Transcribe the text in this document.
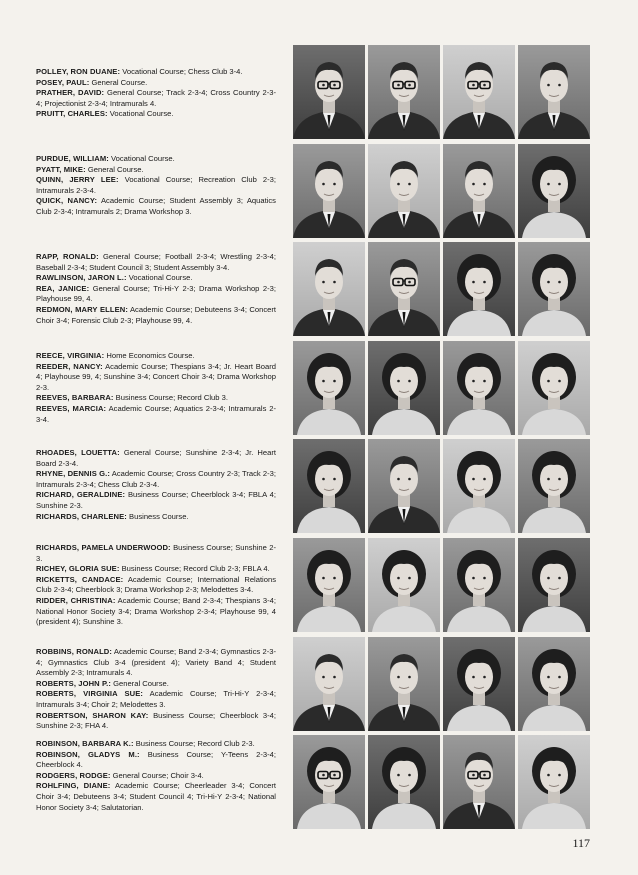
POLLEY, RON DUANE: Vocational Course; Chess Club 3-4.

POSEY, PAUL: General Course.

PRATHER, DAVID: General Course; Track 2-3-4; Cross Country 2-3-4; Projectionist 2-3-4; Intramurals 4.

PRUITT, CHARLES: Vocational Course.

PURDUE, WILLIAM: Vocational Course.

PYATT, MIKE: General Course.

QUINN, JERRY LEE: Vocational Course; Recreation Club 2-3; Intramurals 2-3-4.

QUICK, NANCY: Academic Course; Student Assembly 3; Aquatics Club 2-3-4; Intramurals 2; Drama Workshop 3.

RAPP, RONALD: General Course; Football 2-3-4; Wrestling 2-3-4; Baseball 2-3-4; Student Council 3; Student Assembly 3-4.

RAWLINSON, JARON L.: Vocational Course.

REA, JANICE: General Course; Tri-Hi-Y 2-3; Drama Workshop 2-3; Playhouse 99, 4.

REDMON, MARY ELLEN: Academic Course; Debuteens 3-4; Concert Choir 3-4; Forensic Club 2-3; Playhouse 99, 4.

REECE, VIRGINIA: Home Economics Course.

REEDER, NANCY: Academic Course; Thespians 3-4; Jr. Heart Board 4; Playhouse 99, 4; Sunshine 3-4; Concert Choir 3-4; Drama Workshop 2-3.

REEVES, BARBARA: Business Course; Record Club 3.

REEVES, MARCIA: Academic Course; Aquatics 2-3-4; Intramurals 2-3-4.

RHOADES, LOUETTA: General Course; Sunshine 2-3-4; Jr. Heart Board 2-3-4.

RHYNE, DENNIS G.: Academic Course; Cross Country 2-3; Track 2-3; Intramurals 2-3-4; Chess Club 2-3-4.

RICHARD, GERALDINE: Business Course; Cheerblock 3-4; FBLA 4; Sunshine 2-3.

RICHARDS, CHARLENE: Business Course.

RICHARDS, PAMELA UNDERWOOD: Business Course; Sunshine 2-3.

RICHEY, GLORIA SUE: Business Course; Record Club 2-3; FBLA 4.

RICKETTS, CANDACE: Academic Course; International Relations Club 2-3-4; Cheerblock 3; Drama Workshop 2-3; Melodettes 3-4.

RIDDER, CHRISTINA: Academic Course; Band 2-3-4; Thespians 3-4; National Honor Society 3-4; Drama Workshop 2-3-4; Playhouse 99, 4 (president 4); Sunshine 3.

ROBBINS, RONALD: Academic Course; Band 2-3-4; Gymnastics 2-3-4; Gymnastics Club 3-4 (president 4); Variety Band 4; Student Assembly 2-3; Intramurals 4.

ROBERTS, JOHN P.: General Course.

ROBERTS, VIRGINIA SUE: Academic Course; Tri-Hi-Y 2-3-4; Intramurals 3-4; Choir 2; Melodettes 3.

ROBERTSON, SHARON KAY: Business Course; Cheerblock 3-4; Sunshine 2-3; FHA 4.

ROBINSON, BARBARA K.: Business Course; Record Club 2-3.

ROBINSON, GLADYS M.: Business Course; Y-Teens 2-3-4; Cheerblock 4.

RODGERS, RODGE: General Course; Choir 3-4.

ROHLFING, DIANE: Academic Course; Cheerleader 3-4; Concert Choir 3-4; Debuteens 3-4; Student Council 4; Tri-Hi-Y 2-3-4; National Honor Society 3-4; Salutatorian.

117
